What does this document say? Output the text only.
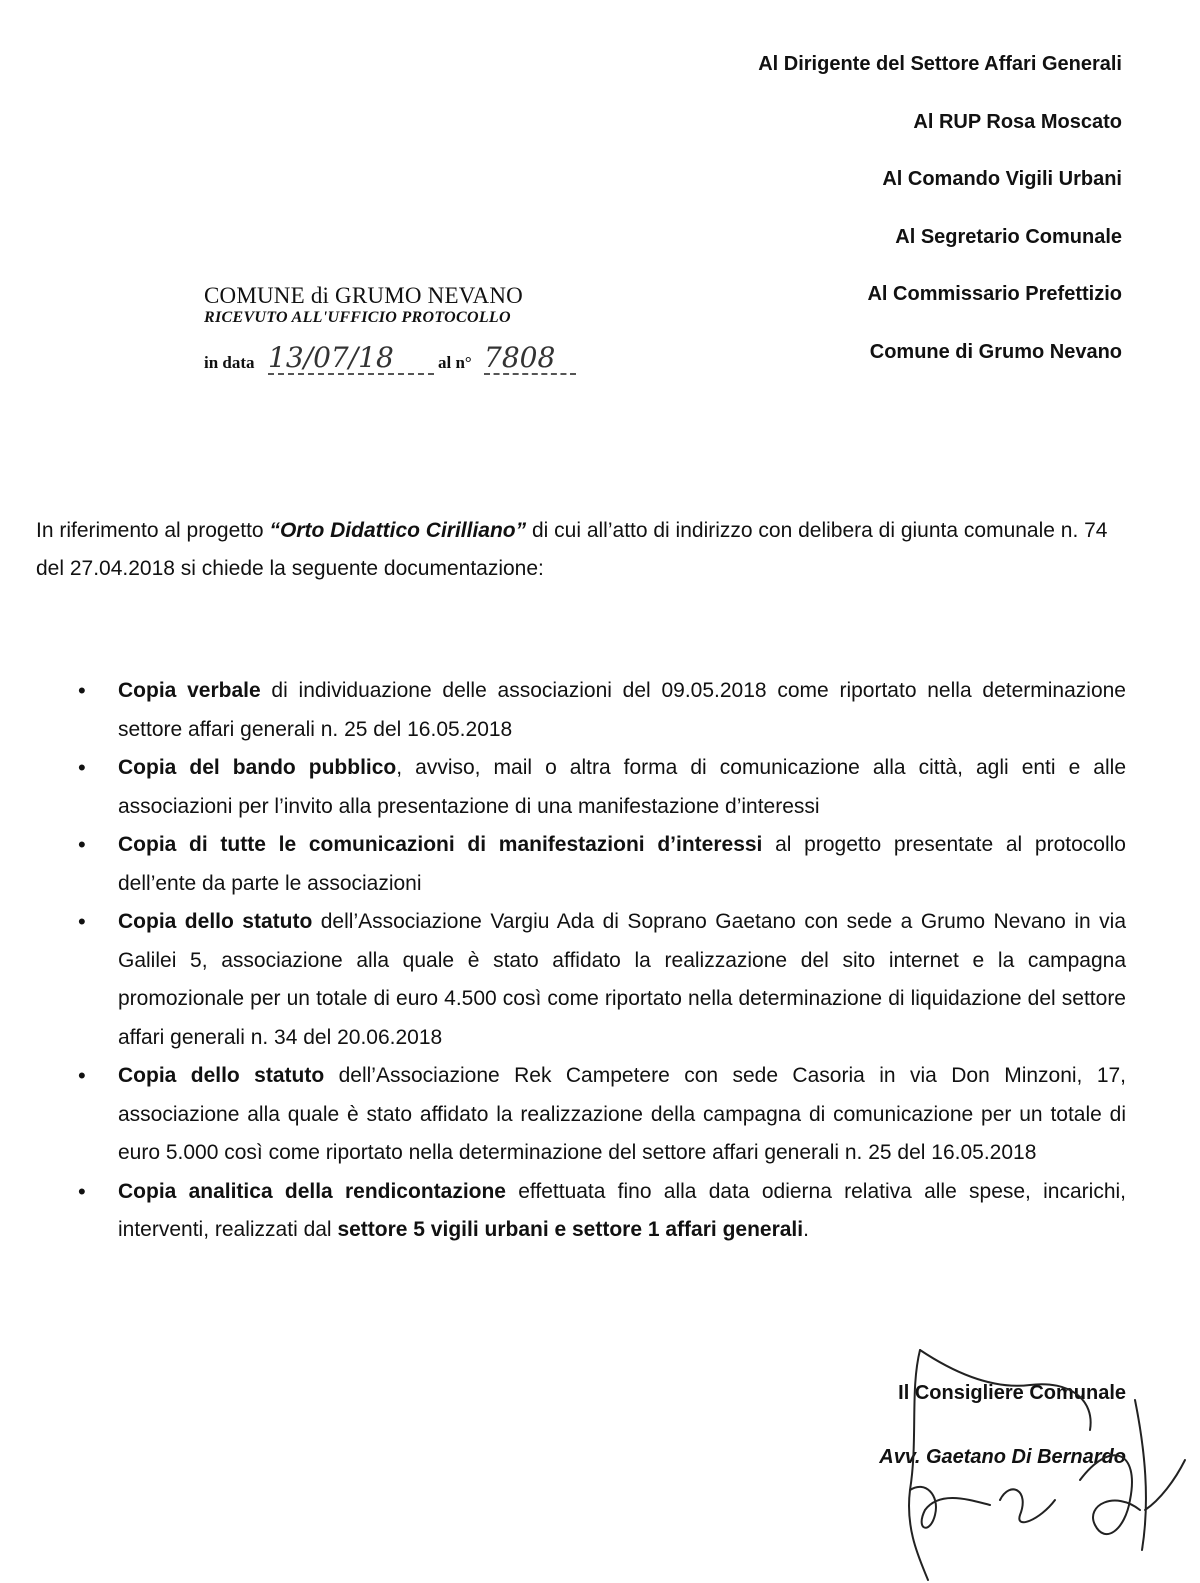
Al Dirigente del Settore Affari Generali
Al RUP Rosa Moscato
Al Comando Vigili Urbani
Al Segretario Comunale
Al Commissario Prefettizio
Comune di Grumo Nevano
COMUNE di GRUMO NEVANO
RICEVUTO ALL'UFFICIO PROTOCOLLO
in data 13/07/18	al n° 7808

In riferimento al progetto “Orto Didattico Cirilliano” di cui all’atto di indirizzo con delibera di giunta comunale n. 74 del 27.04.2018 si chiede la seguente documentazione:

• Copia verbale di individuazione delle associazioni del 09.05.2018 come riportato nella determinazione settore affari generali n. 25 del 16.05.2018
• Copia del bando pubblico, avviso, mail o altra forma di comunicazione alla città, agli enti e alle associazioni per l’invito alla presentazione di una manifestazione d’interessi
• Copia di tutte le comunicazioni di manifestazioni d’interessi al progetto presentate al protocollo dell’ente da parte le associazioni
• Copia dello statuto dell’Associazione Vargiu Ada di Soprano Gaetano con sede a Grumo Nevano in via Galilei 5, associazione alla quale è stato affidato la realizzazione del sito internet e la campagna promozionale per un totale di euro 4.500 così come riportato nella determinazione di liquidazione del settore affari generali n. 34 del 20.06.2018
• Copia dello statuto dell’Associazione Rek Campetere con sede Casoria in via Don Minzoni, 17, associazione alla quale è stato affidato la realizzazione della campagna di comunicazione per un totale di euro 5.000 così come riportato nella determinazione del settore affari generali n. 25 del 16.05.2018
• Copia analitica della rendicontazione effettuata fino alla data odierna relativa alle spese, incarichi, interventi, realizzati dal settore 5 vigili urbani e settore 1 affari generali.
Il Consigliere Comunale
Avv. Gaetano Di Bernardo
